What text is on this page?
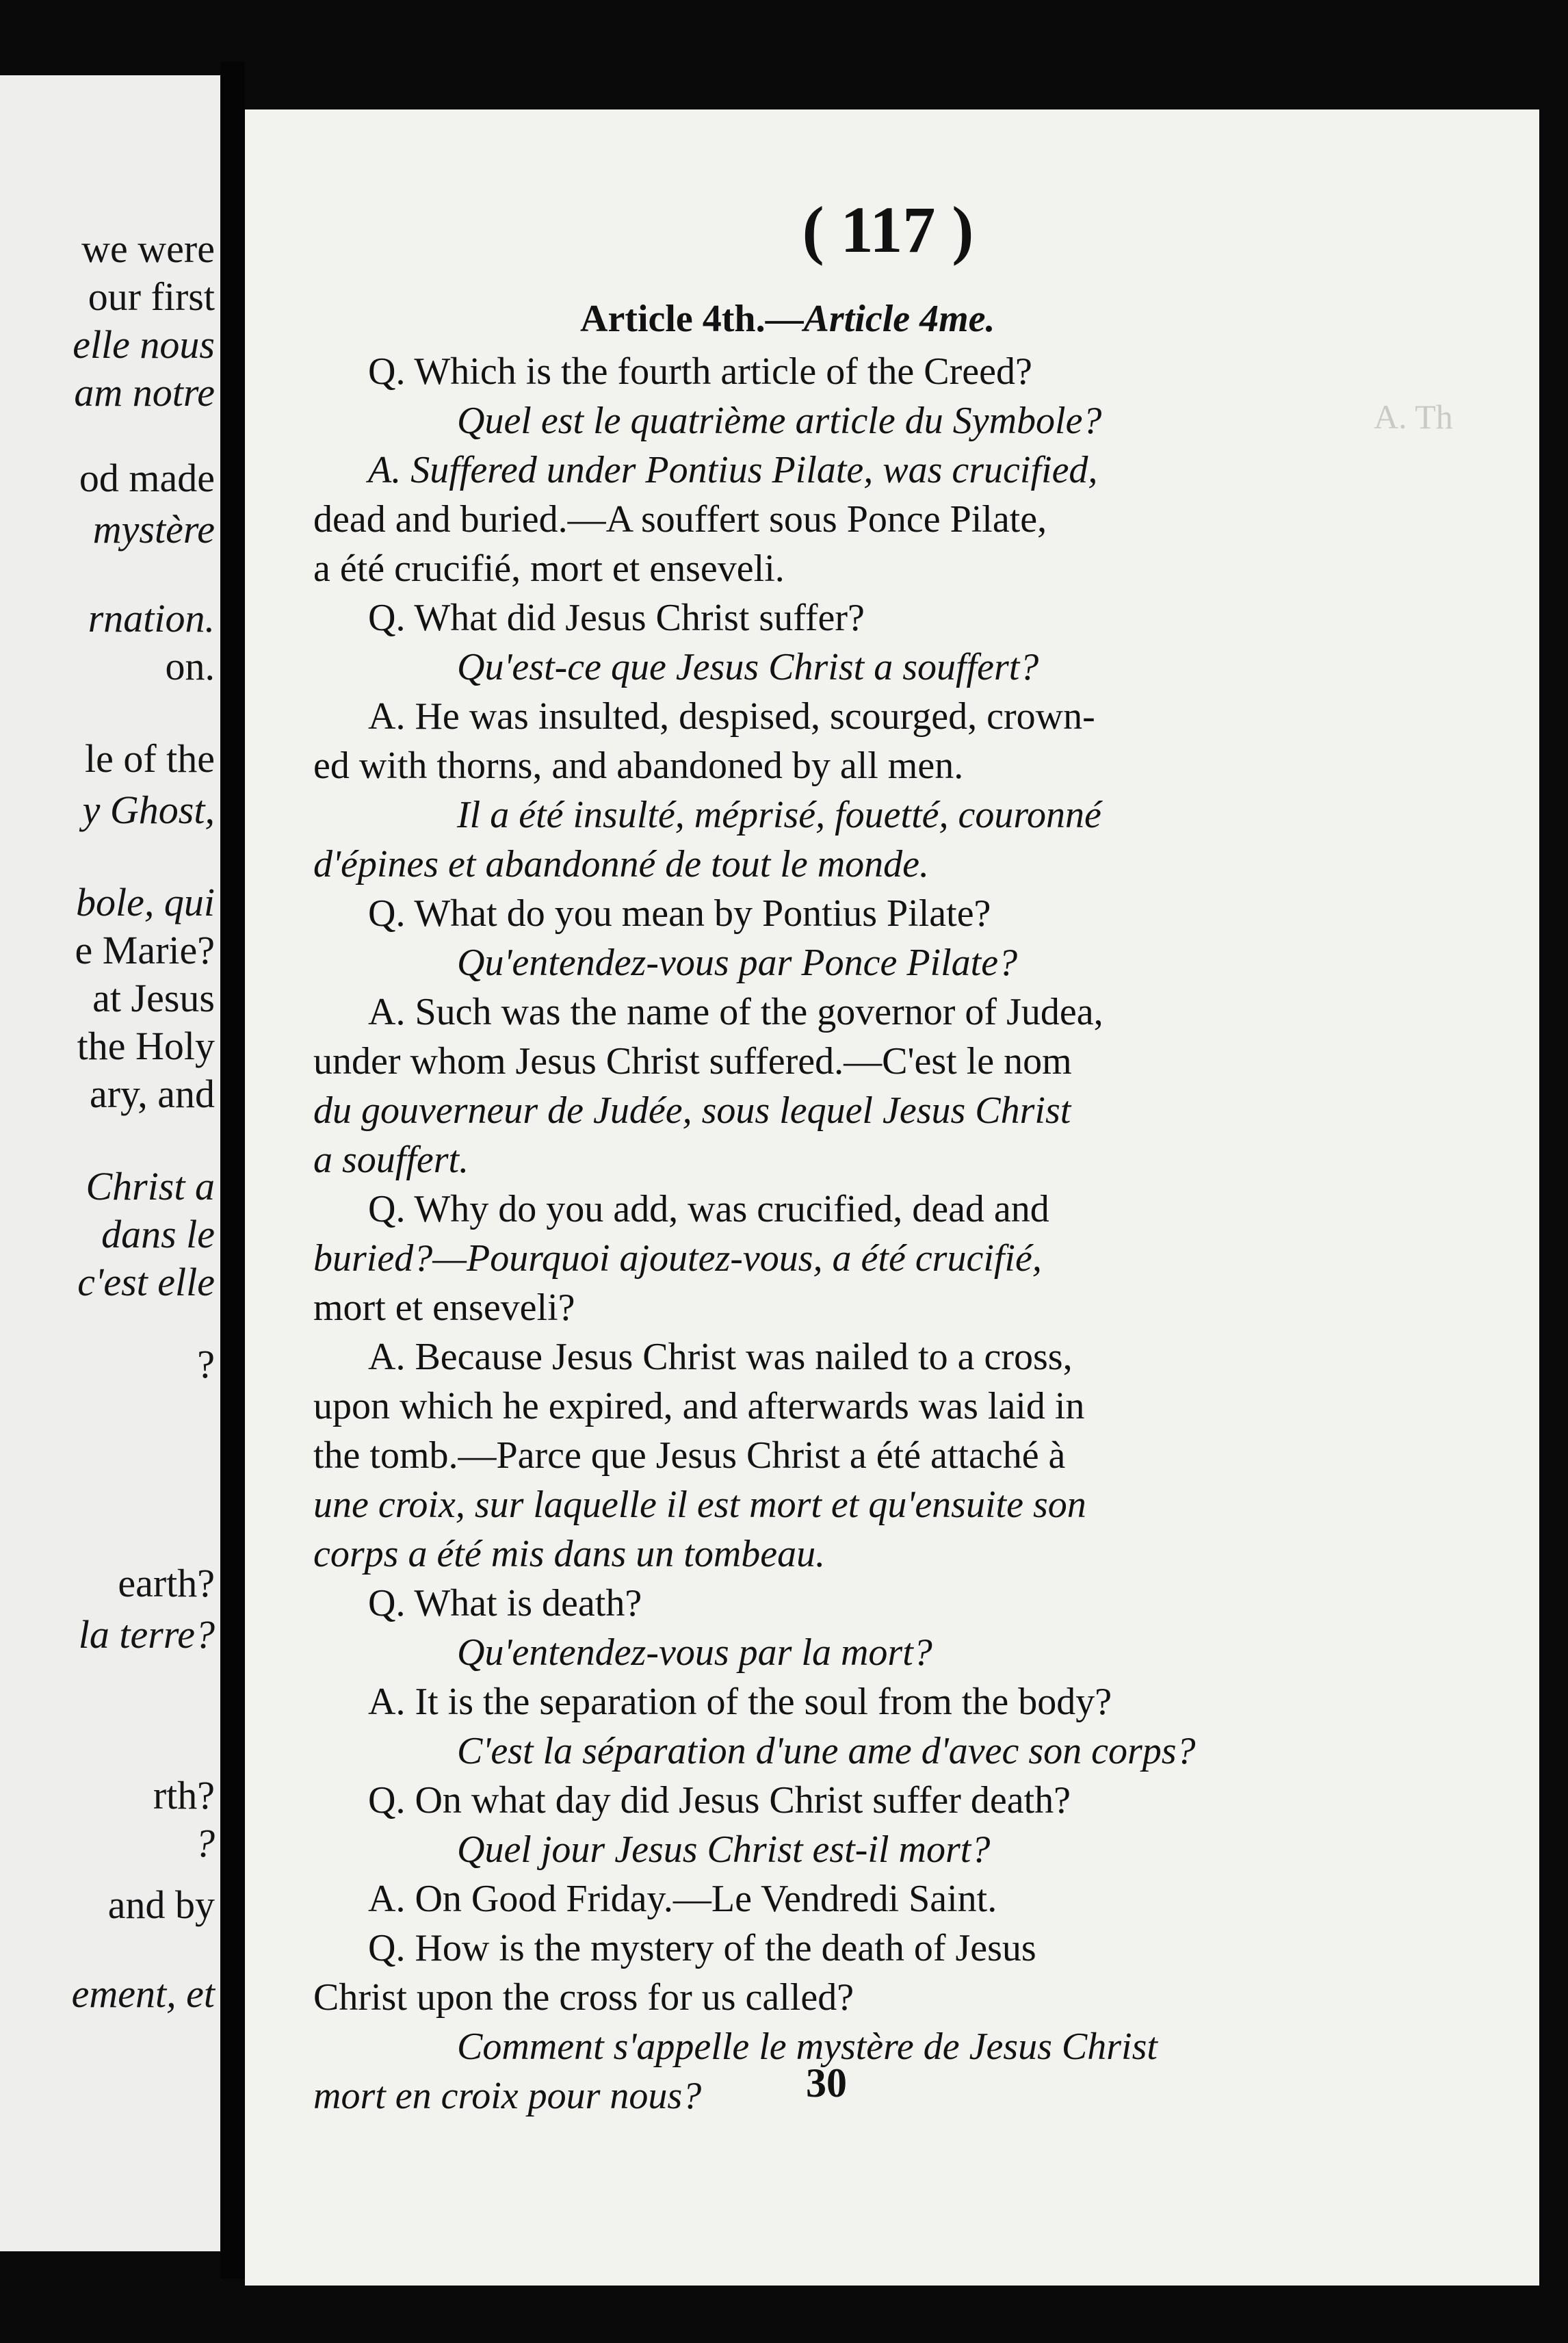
we were
our first
elle nous
am notre
od made
mystère
rnation.
on.
le of the
y Ghost,
bole, qui
e Marie?
at Jesus
the Holy
ary, and
Christ a
dans le
c'est elle
?
earth?
la terre?
rth?
?
and by
ement, et
A. Th
( 117 )
Article 4th.—Article 4me.
Q. Which is the fourth article of the Creed?
Quel est le quatrième article du Symbole?
A. Suffered under Pontius Pilate, was crucified,
dead and buried.—A souffert sous Ponce Pilate,
a été crucifié, mort et enseveli.
Q. What did Jesus Christ suffer?
Qu'est-ce que Jesus Christ a souffert?
A. He was insulted, despised, scourged, crown-
ed with thorns, and abandoned by all men.
Il a été insulté, méprisé, fouetté, couronné
d'épines et abandonné de tout le monde.
Q. What do you mean by Pontius Pilate?
Qu'entendez-vous par Ponce Pilate?
A. Such was the name of the governor of Judea,
under whom Jesus Christ suffered.—C'est le nom
du gouverneur de Judée, sous lequel Jesus Christ
a souffert.
Q. Why do you add, was crucified, dead and
buried?—Pourquoi ajoutez-vous, a été crucifié,
mort et enseveli?
A. Because Jesus Christ was nailed to a cross,
upon which he expired, and afterwards was laid in
the tomb.—Parce que Jesus Christ a été attaché à
une croix, sur laquelle il est mort et qu'ensuite son
corps a été mis dans un tombeau.
Q. What is death?
Qu'entendez-vous par la mort?
A. It is the separation of the soul from the body?
C'est la séparation d'une ame d'avec son corps?
Q. On what day did Jesus Christ suffer death?
Quel jour Jesus Christ est-il mort?
A. On Good Friday.—Le Vendredi Saint.
Q. How is the mystery of the death of Jesus
Christ upon the cross for us called?
Comment s'appelle le mystère de Jesus Christ
mort en croix pour nous?	30
